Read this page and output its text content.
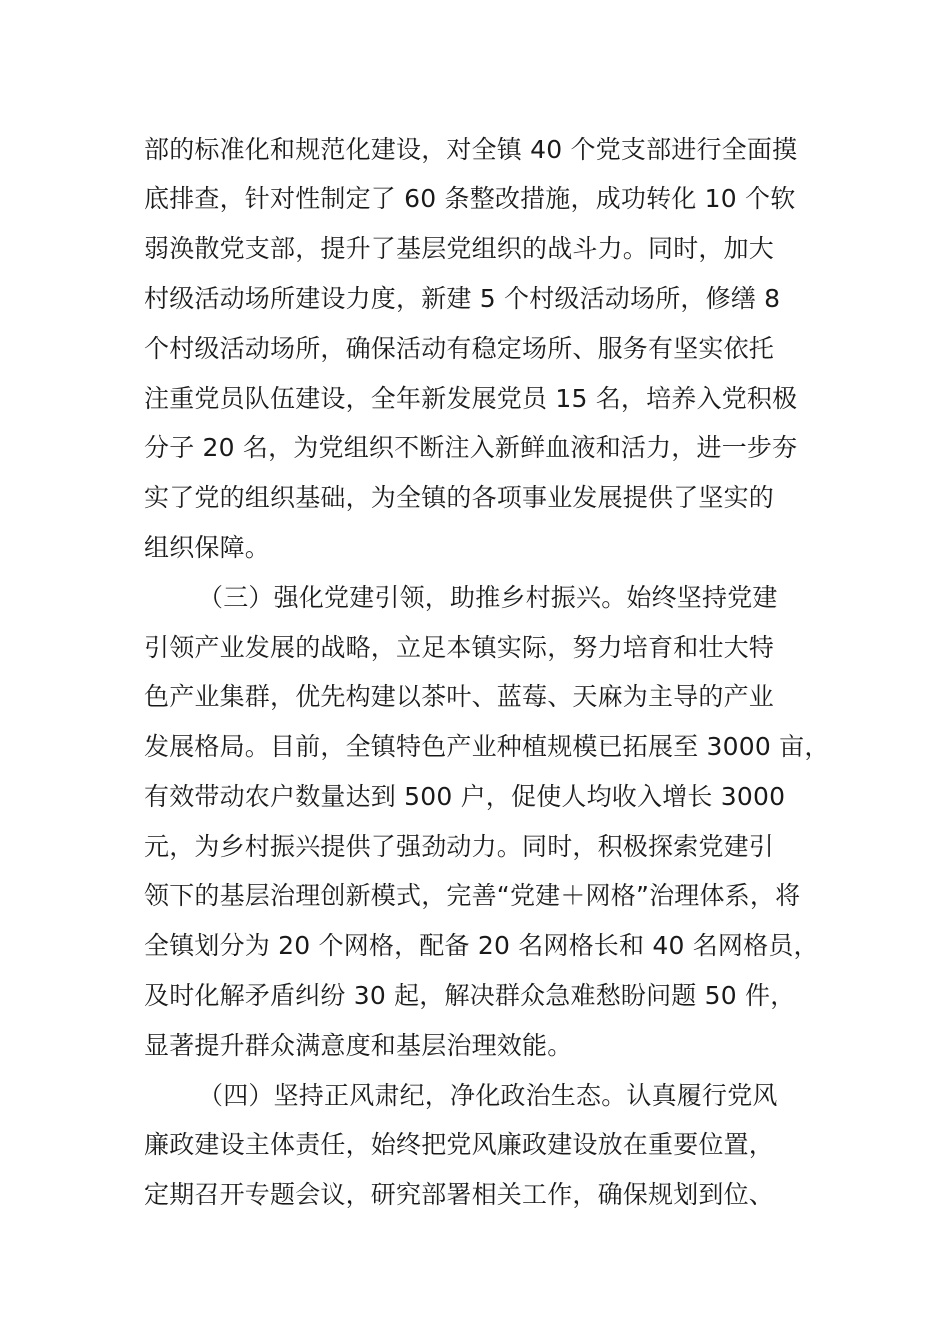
部的标准化和规范化建设，对全镇 40 个党支部进行全面摸
底排查，针对性制定了 60 条整改措施，成功转化 10 个软
弱涣散党支部，提升了基层党组织的战斗力。同时，加大
村级活动场所建设力度，新建 5 个村级活动场所，修缮 8
个村级活动场所，确保活动有稳定场所、服务有坚实依托
注重党员队伍建设，全年新发展党员 15 名，培养入党积极
分子 20 名，为党组织不断注入新鲜血液和活力，进一步夯
实了党的组织基础，为全镇的各项事业发展提供了坚实的
组织保障。
（三）强化党建引领，助推乡村振兴。始终坚持党建
引领产业发展的战略，立足本镇实际，努力培育和壮大特
色产业集群，优先构建以茶叶、蓝莓、天麻为主导的产业
发展格局。目前，全镇特色产业种植规模已拓展至 3000 亩，
有效带动农户数量达到 500 户，促使人均收入增长 3000
元，为乡村振兴提供了强劲动力。同时，积极探索党建引
领下的基层治理创新模式，完善“党建＋网格”治理体系，将
全镇划分为 20 个网格，配备 20 名网格长和 40 名网格员，
及时化解矛盾纠纷 30 起，解决群众急难愁盼问题 50 件，
显著提升群众满意度和基层治理效能。
（四）坚持正风肃纪，净化政治生态。认真履行党风
廉政建设主体责任，始终把党风廉政建设放在重要位置，
定期召开专题会议，研究部署相关工作，确保规划到位、
